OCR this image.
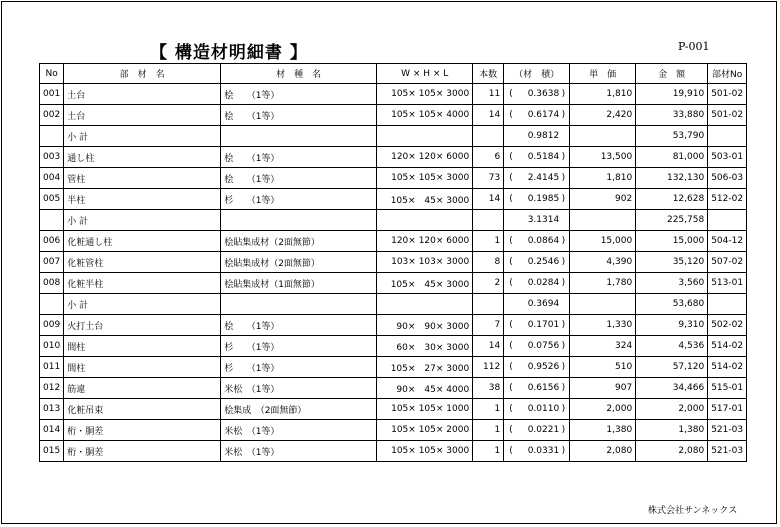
【 構造材明細書 】	P-001
No	部　材　名	材　種　名	W × H × L	本数	（材　積）	単　価	金　額	部材No
001	土台	桧　　（1等）	105× 105× 3000	11	( 0.3638 )	1,810	19,910	501-02
002	土台	桧　　（1等）	105× 105× 4000	14	( 0.6174 )	2,420	33,880	501-02
	小 計				0.9812		53,790	
003	通し柱	桧　　（1等）	120× 120× 6000	6	( 0.5184 )	13,500	81,000	503-01
004	管柱	桧　　（1等）	105× 105× 3000	73	( 2.4145 )	1,810	132,130	506-03
005	半柱	杉　　（1等）	105×　45× 3000	14	( 0.1985 )	902	12,628	512-02
	小 計				3.1314		225,758	
006	化粧通し柱	桧貼集成材（2面無節）	120× 120× 6000	1	( 0.0864 )	15,000	15,000	504-12
007	化粧管柱	桧貼集成材（2面無節）	103× 103× 3000	8	( 0.2546 )	4,390	35,120	507-02
008	化粧半柱	桧貼集成材（1面無節）	105×　45× 3000	2	( 0.0284 )	1,780	3,560	513-01
	小 計				0.3694		53,680	
009	火打土台	桧　　（1等）	90×　90× 3000	7	( 0.1701 )	1,330	9,310	502-02
010	間柱	杉　　（1等）	60×　30× 3000	14	( 0.0756 )	324	4,536	514-02
011	間柱	杉　　（1等）	105×　27× 3000	112	( 0.9526 )	510	57,120	514-02
012	筋違	米松　（1等）	90×　45× 4000	38	( 0.6156 )	907	34,466	515-01
013	化粧吊束	桧集成　（2面無節）	105× 105× 1000	1	( 0.0110 )	2,000	2,000	517-01
014	桁・胴差	米松　（1等）	105× 105× 2000	1	( 0.0221 )	1,380	1,380	521-03
015	桁・胴差	米松　（1等）	105× 105× 3000	1	( 0.0331 )	2,080	2,080	521-03
株式会社サンネックス
